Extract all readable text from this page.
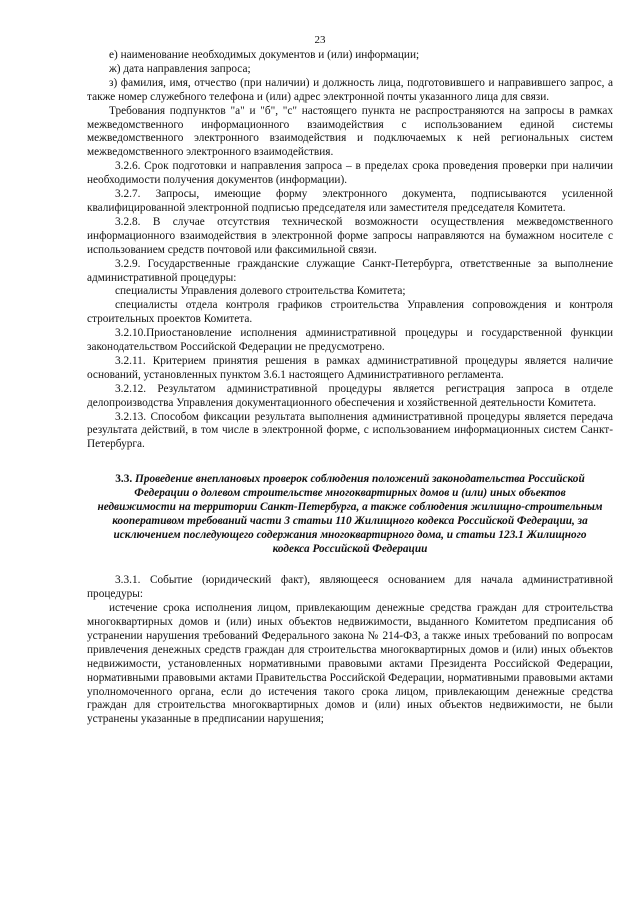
23

е) наименование необходимых документов и (или) информации;

ж) дата направления запроса;

з) фамилия, имя, отчество (при наличии) и должность лица, подготовившего и направившего запрос, а также номер служебного телефона и (или) адрес электронной почты указанного лица для связи.

Требования подпунктов "а" и "б", "с" настоящего пункта не распространяются на запросы в рамках межведомственного информационного взаимодействия с использованием единой системы межведомственного электронного взаимодействия и подключаемых к ней региональных систем межведомственного электронного взаимодействия.

3.2.6. Срок подготовки и направления запроса – в пределах срока проведения проверки при наличии необходимости получения документов (информации).

3.2.7. Запросы, имеющие форму электронного документа, подписываются усиленной квалифицированной электронной подписью председателя или заместителя председателя Комитета.

3.2.8. В случае отсутствия технической возможности осуществления межведомственного информационного взаимодействия в электронной форме запросы направляются на бумажном носителе с использованием средств почтовой или факсимильной связи.

3.2.9. Государственные гражданские служащие Санкт-Петербурга, ответственные за выполнение административной процедуры:

специалисты Управления долевого строительства Комитета;

специалисты отдела контроля графиков строительства Управления сопровождения и контроля строительных проектов Комитета.

3.2.10.Приостановление исполнения административной процедуры и государственной функции законодательством Российской Федерации не предусмотрено.

3.2.11. Критерием принятия решения в рамках административной процедуры является наличие оснований, установленных пунктом 3.6.1 настоящего Административного регламента.

3.2.12. Результатом административной процедуры является регистрация запроса в отделе делопроизводства Управления документационного обеспечения и хозяйственной деятельности Комитета.

3.2.13. Способом фиксации результата выполнения административной процедуры является передача результата действий, в том числе в электронной форме, с использованием информационных систем Санкт-Петербурга.

3.3. Проведение внеплановых проверок соблюдения положений законодательства Российской Федерации о долевом строительстве многоквартирных домов и (или) иных объектов недвижимости на территории Санкт-Петербурга, а также соблюдения жилищно-строительным кооперативом требований части 3 статьи 110 Жилищного кодекса Российской Федерации, за исключением последующего содержания многоквартирного дома, и статьи 123.1 Жилищного кодекса Российской Федерации

3.3.1. Событие (юридический факт), являющееся основанием для начала административной процедуры:

истечение срока исполнения лицом, привлекающим денежные средства граждан для строительства многоквартирных домов и (или) иных объектов недвижимости, выданного Комитетом предписания об устранении нарушения требований Федерального закона № 214-ФЗ, а также иных требований по вопросам привлечения денежных средств граждан для строительства многоквартирных домов и (или) иных объектов недвижимости, установленных нормативными правовыми актами Президента Российской Федерации, нормативными правовыми актами Правительства Российской Федерации, нормативными правовыми актами уполномоченного органа, если до истечения такого срока лицом, привлекающим денежные средства граждан для строительства многоквартирных домов и (или) иных объектов недвижимости, не были устранены указанные в предписании нарушения;
